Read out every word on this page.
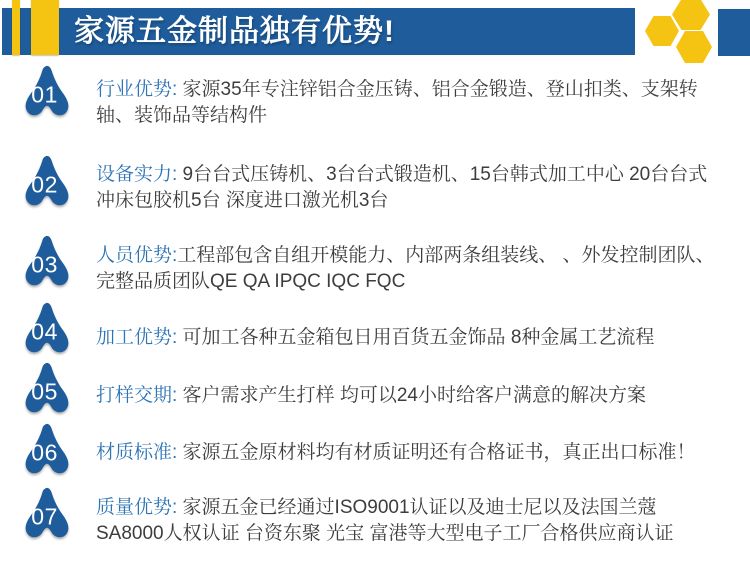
家源五金制品独有优势!
01 行业优势: 家源35年专注锌铝合金压铸、铝合金锻造、登山扣类、支架转轴、装饰品等结构件

02 设备实力: 9台台式压铸机、3台台式锻造机、15台韩式加工中心 20台台式冲床包胶机5台 深度进口激光机3台

03 人员优势:工程部包含自组开模能力、内部两条组装线、 、外发控制团队、完整品质团队QE QA IPQC IQC FQC

04 加工优势: 可加工各种五金箱包日用百货五金饰品 8种金属工艺流程

05 打样交期: 客户需求产生打样 均可以24小时给客户满意的解决方案

06 材质标准: 家源五金原材料均有材质证明还有合格证书，真正出口标准！

07 质量优势: 家源五金已经通过ISO9001认证以及迪士尼以及法国兰蔻SA8000人权认证 台资东聚 光宝 富港等大型电子工厂合格供应商认证
